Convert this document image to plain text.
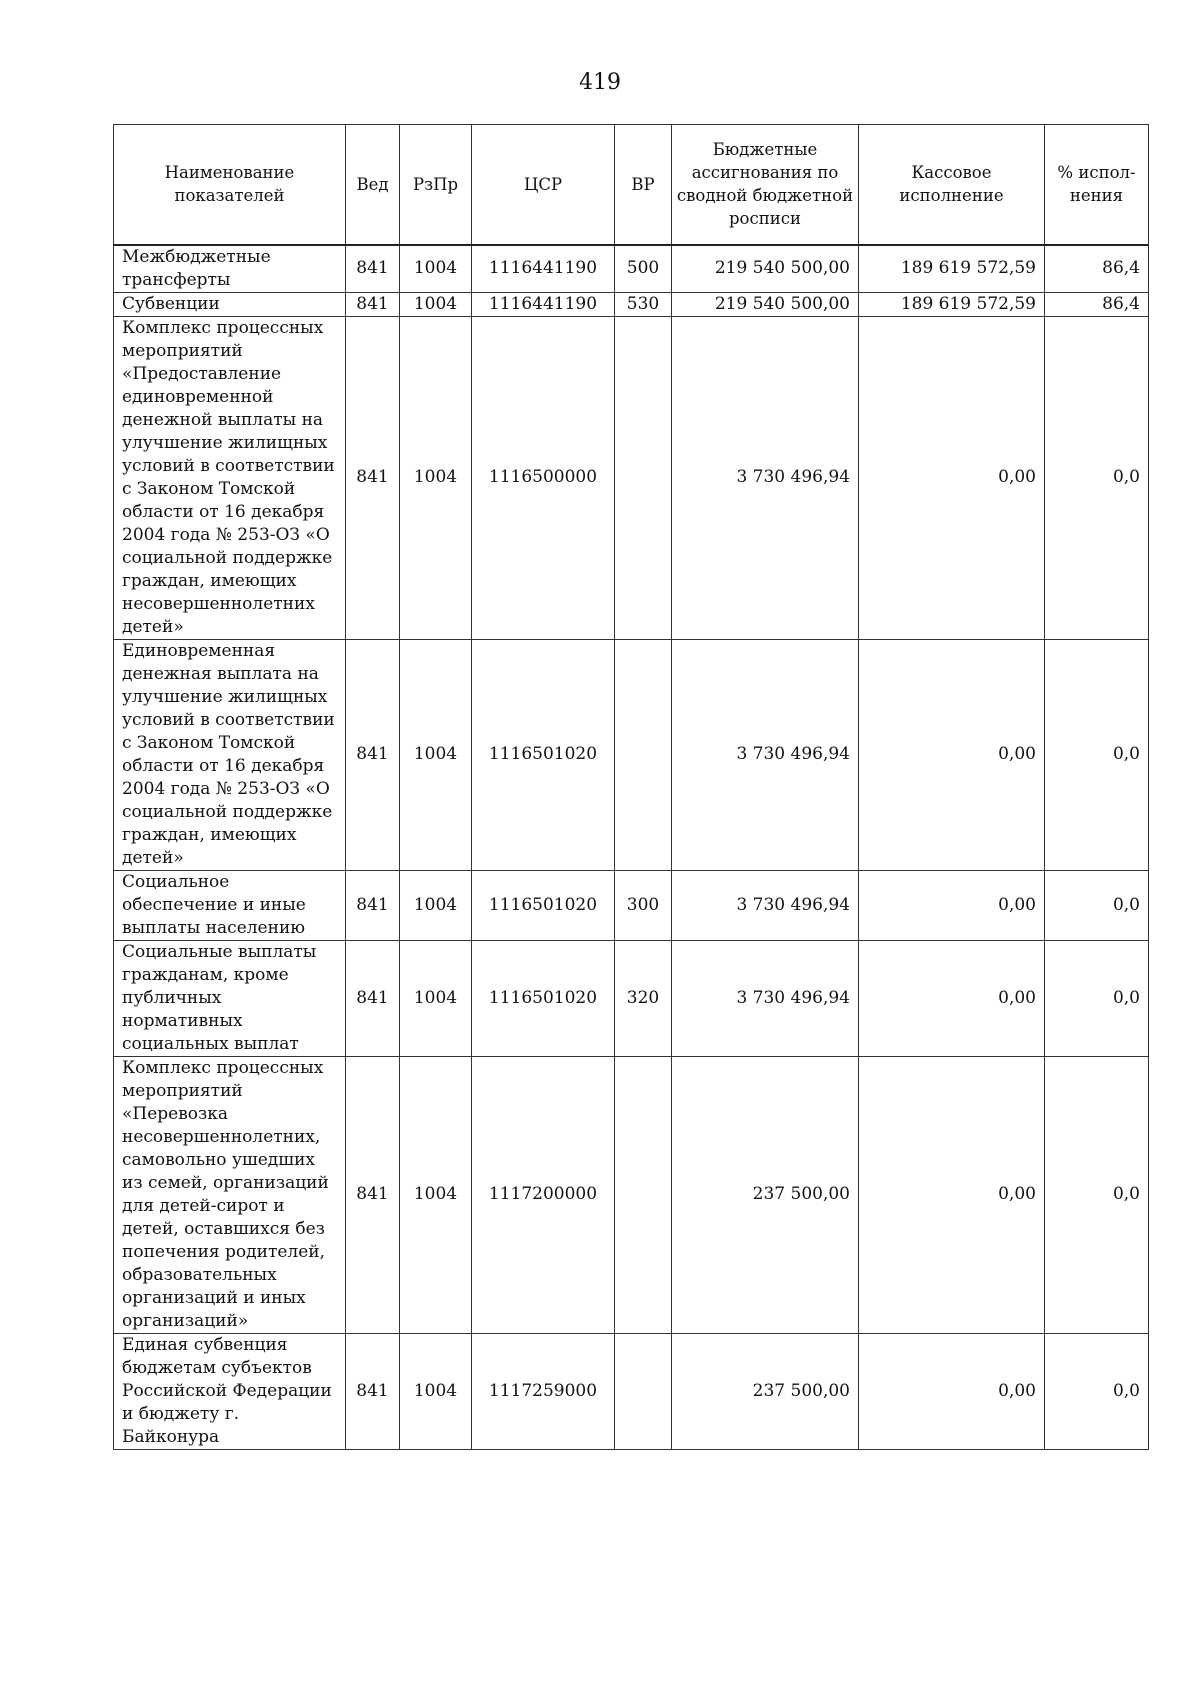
419
Наименование показателей	Вед	РзПр	ЦСР	ВР	Бюджетные ассигнования по сводной бюджетной росписи	Кассовое исполнение	% испол-нения
Межбюджетные трансферты	841	1004	1116441190	500	219 540 500,00	189 619 572,59	86,4
Субвенции	841	1004	1116441190	530	219 540 500,00	189 619 572,59	86,4
Комплекс процессных мероприятий «Предоставление единовременной денежной выплаты на улучшение жилищных условий в соответствии с Законом Томской области от 16 декабря 2004 года № 253-ОЗ «О социальной поддержке граждан, имеющих несовершеннолетних детей»	841	1004	1116500000		3 730 496,94	0,00	0,0
Единовременная денежная выплата на улучшение жилищных условий в соответствии с Законом Томской области от 16 декабря 2004 года № 253-ОЗ «О социальной поддержке граждан, имеющих детей»	841	1004	1116501020		3 730 496,94	0,00	0,0
Социальное обеспечение и иные выплаты населению	841	1004	1116501020	300	3 730 496,94	0,00	0,0
Социальные выплаты гражданам, кроме публичных нормативных социальных выплат	841	1004	1116501020	320	3 730 496,94	0,00	0,0
Комплекс процессных мероприятий «Перевозка несовершеннолетних, самовольно ушедших из семей, организаций для детей-сирот и детей, оставшихся без попечения родителей, образовательных организаций и иных организаций»	841	1004	1117200000		237 500,00	0,00	0,0
Единая субвенция бюджетам субъектов Российской Федерации и бюджету г. Байконура	841	1004	1117259000		237 500,00	0,00	0,0
